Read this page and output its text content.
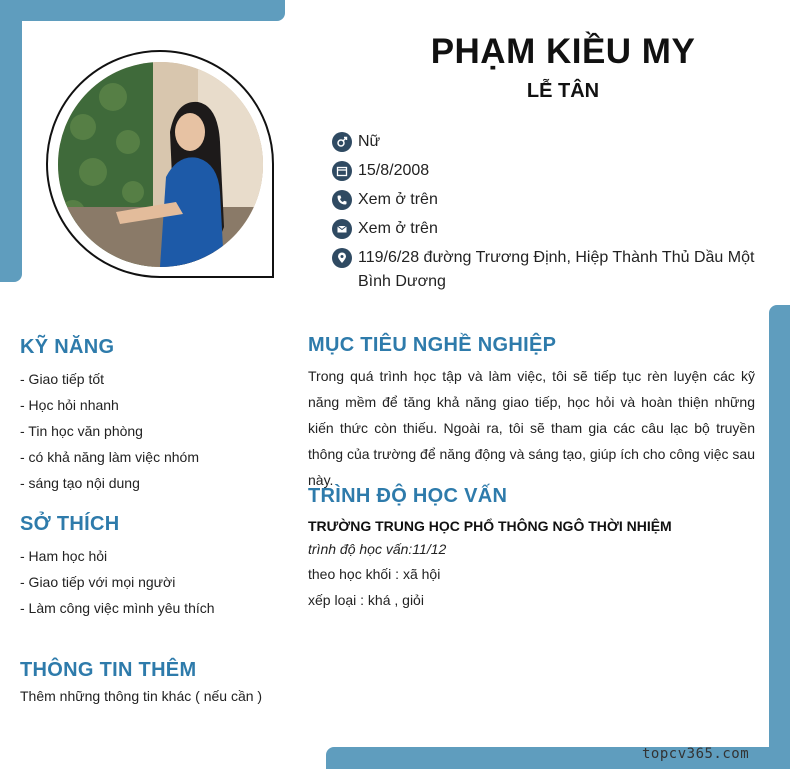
PHẠM KIỀU MY
LỄ TÂN
Nữ
15/8/2008
Xem ở trên
Xem ở trên
119/6/28 đường Trương Định, Hiệp Thành Thủ Dầu Một Bình Dương
KỸ NĂNG
- Giao tiếp tốt
- Học hỏi nhanh
- Tin học văn phòng
- có khả năng làm việc nhóm
- sáng tạo nội dung
SỞ THÍCH
- Ham học hỏi
- Giao tiếp với mọi người
- Làm công việc mình yêu thích
THÔNG TIN THÊM
Thêm những thông tin khác ( nếu cần )
MỤC TIÊU NGHỀ NGHIỆP

Trong quá trình học tập và làm việc, tôi sẽ tiếp tục rèn luyện các kỹ năng mềm để tăng khả năng giao tiếp, học hỏi và hoàn thiện những kiến thức còn thiếu. Ngoài ra, tôi sẽ tham gia các câu lạc bộ truyền thông của trường để năng động và sáng tạo, giúp ích cho công việc sau này.

TRÌNH ĐỘ HỌC VẤN
TRƯỜNG TRUNG HỌC PHỔ THÔNG NGÔ THỜI NHIỆM
trình độ học vấn:11/12
theo học khối : xã hội
xếp loại : khá , giỏi
topcv365.com
